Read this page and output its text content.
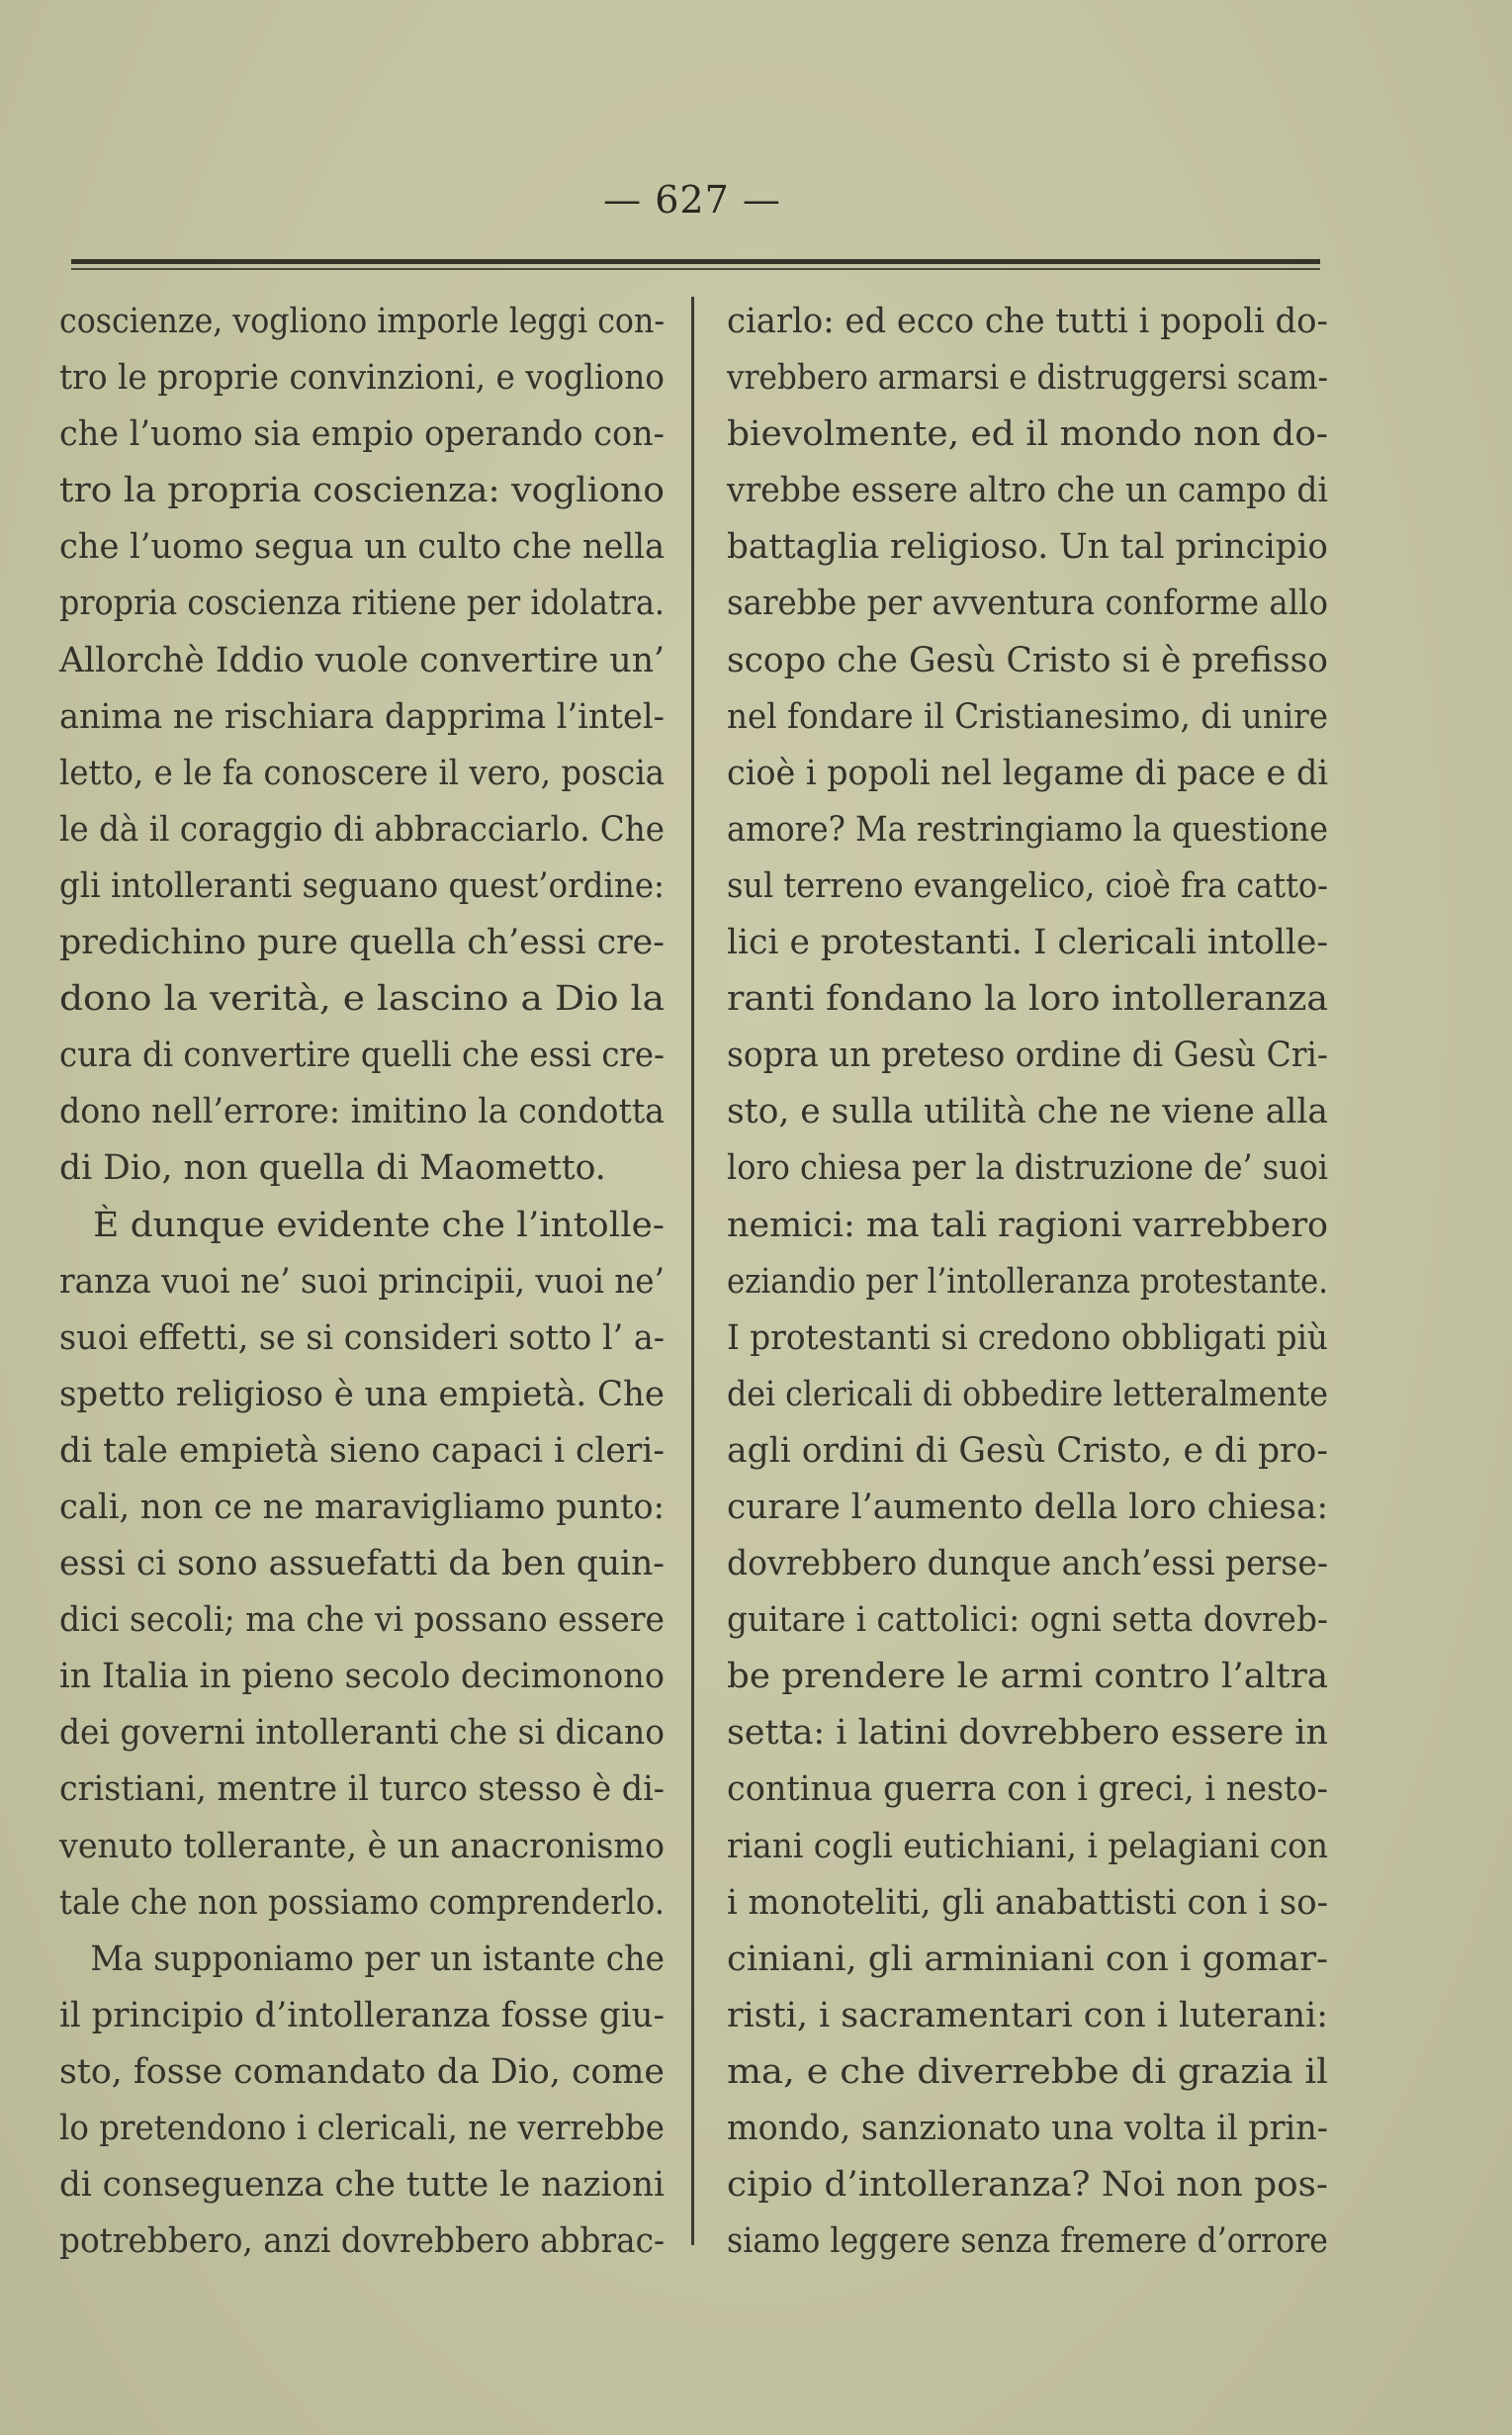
— 627 —
coscienze, vogliono imporle leggi con-
tro le proprie convinzioni, e vogliono
che l’uomo sia empio operando con-
tro la propria coscienza: vogliono
che l’uomo segua un culto che nella
propria coscienza ritiene per idolatra.
Allorchè Iddio vuole convertire un’
anima ne rischiara dapprima l’intel-
letto, e le fa conoscere il vero, poscia
le dà il coraggio di abbracciarlo. Che
gli intolleranti seguano quest’ordine:
predichino pure quella ch’essi cre-
dono la verità, e lascino a Dio la
cura di convertire quelli che essi cre-
dono nell’errore: imitino la condotta
di Dio, non quella di Maometto.
È dunque evidente che l’intolle-
ranza vuoi ne’ suoi principii, vuoi ne’
suoi effetti, se si consideri sotto l’ a-
spetto religioso è una empietà. Che
di tale empietà sieno capaci i cleri-
cali, non ce ne maravigliamo punto:
essi ci sono assuefatti da ben quin-
dici secoli; ma che vi possano essere
in Italia in pieno secolo decimonono
dei governi intolleranti che si dicano
cristiani, mentre il turco stesso è di-
venuto tollerante, è un anacronismo
tale che non possiamo comprenderlo.
Ma supponiamo per un istante che
il principio d’intolleranza fosse giu-
sto, fosse comandato da Dio, come
lo pretendono i clericali, ne verrebbe
di conseguenza che tutte le nazioni
potrebbero, anzi dovrebbero abbrac-
ciarlo: ed ecco che tutti i popoli do-
vrebbero armarsi e distruggersi scam-
bievolmente, ed il mondo non do-
vrebbe essere altro che un campo di
battaglia religioso. Un tal principio
sarebbe per avventura conforme allo
scopo che Gesù Cristo si è prefisso
nel fondare il Cristianesimo, di unire
cioè i popoli nel legame di pace e di
amore? Ma restringiamo la questione
sul terreno evangelico, cioè fra catto-
lici e protestanti. I clericali intolle-
ranti fondano la loro intolleranza
sopra un preteso ordine di Gesù Cri-
sto, e sulla utilità che ne viene alla
loro chiesa per la distruzione de’ suoi
nemici: ma tali ragioni varrebbero
eziandio per l’intolleranza protestante.
I protestanti si credono obbligati più
dei clericali di obbedire letteralmente
agli ordini di Gesù Cristo, e di pro-
curare l’aumento della loro chiesa:
dovrebbero dunque anch’essi perse-
guitare i cattolici: ogni setta dovreb-
be prendere le armi contro l’altra
setta: i latini dovrebbero essere in
continua guerra con i greci, i nesto-
riani cogli eutichiani, i pelagiani con
i monoteliti, gli anabattisti con i so-
ciniani, gli arminiani con i gomar-
risti, i sacramentari con i luterani:
ma, e che diverrebbe di grazia il
mondo, sanzionato una volta il prin-
cipio d’intolleranza? Noi non pos-
siamo leggere senza fremere d’orrore
